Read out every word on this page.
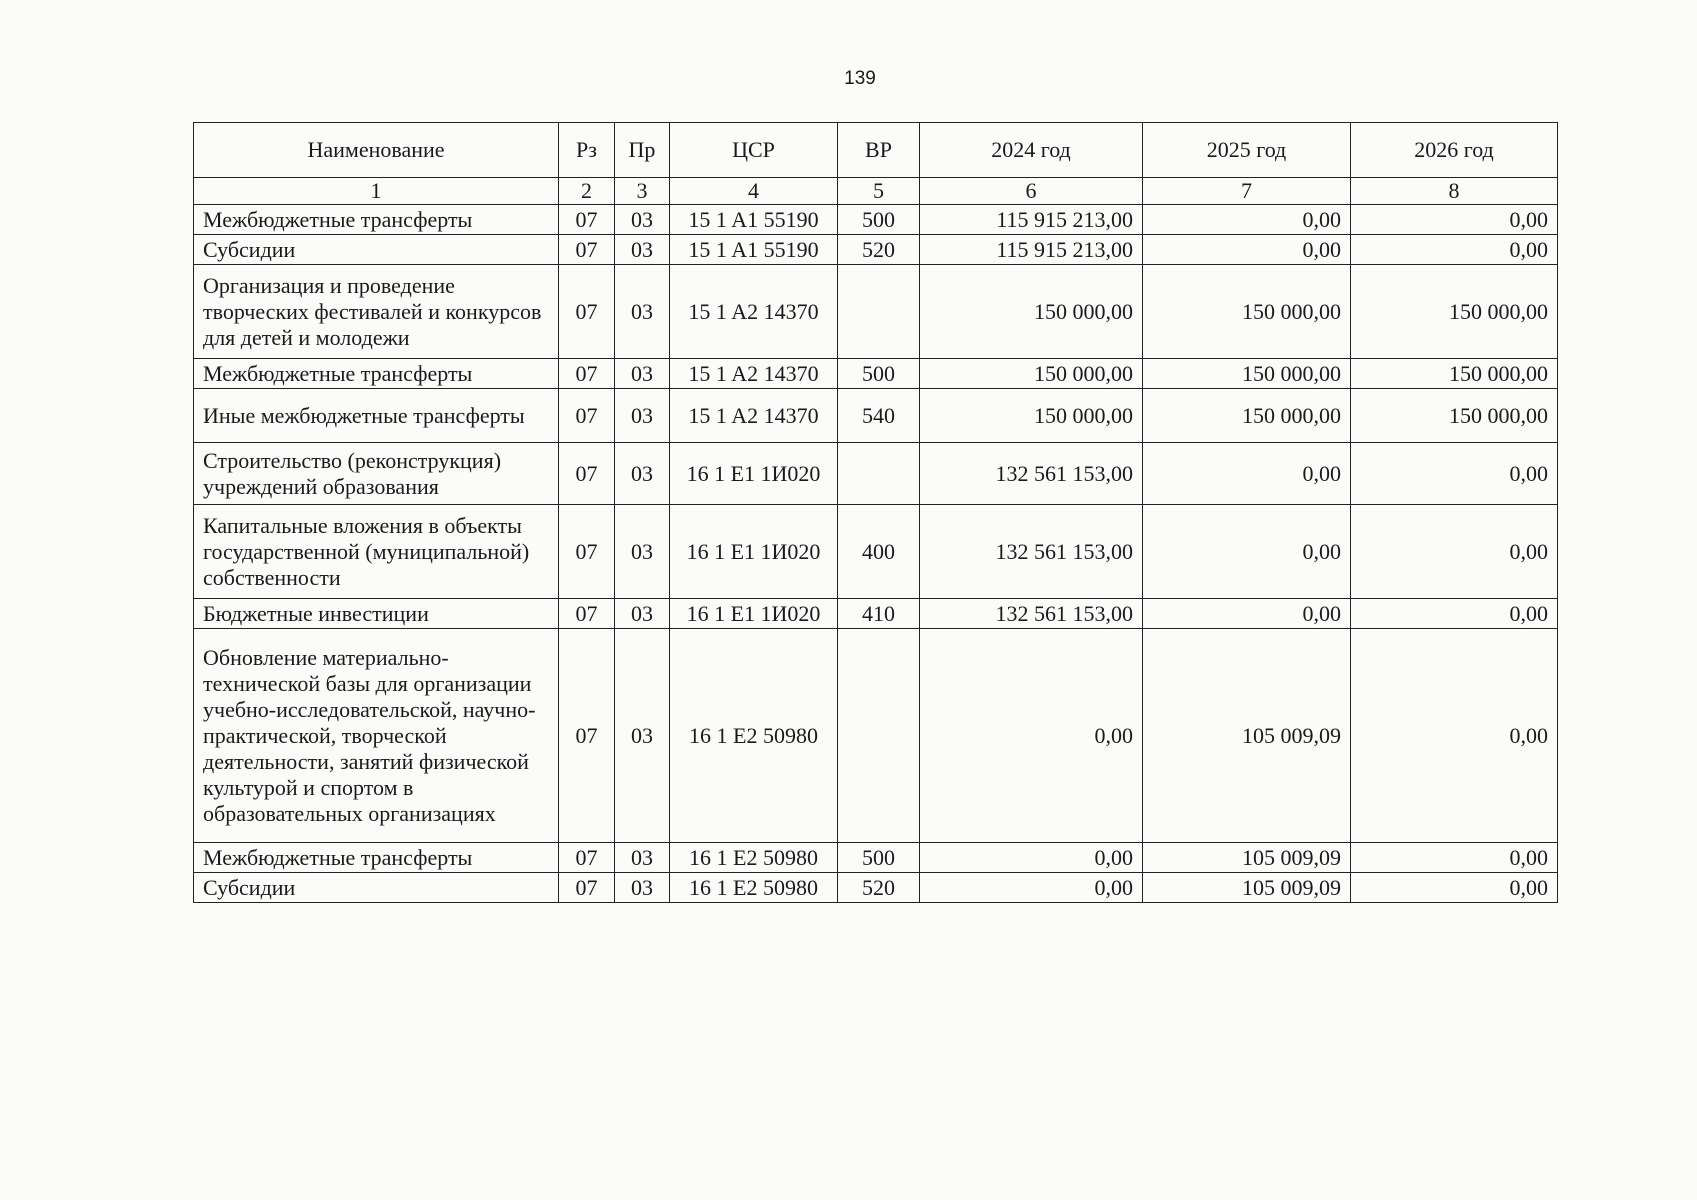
139
Наименование	Рз	Пр	ЦСР	ВР	2024 год	2025 год	2026 год
1	2	3	4	5	6	7	8
Межбюджетные трансферты	07	03	15 1 A1 55190	500	115 915 213,00	0,00	0,00
Субсидии	07	03	15 1 A1 55190	520	115 915 213,00	0,00	0,00
Организация и проведение творческих фестивалей и конкурсов для детей и молодежи	07	03	15 1 A2 14370		150 000,00	150 000,00	150 000,00
Межбюджетные трансферты	07	03	15 1 A2 14370	500	150 000,00	150 000,00	150 000,00
Иные межбюджетные трансферты	07	03	15 1 A2 14370	540	150 000,00	150 000,00	150 000,00
Строительство (реконструкция) учреждений образования	07	03	16 1 E1 1И020		132 561 153,00	0,00	0,00
Капитальные вложения в объекты государственной (муниципальной) собственности	07	03	16 1 E1 1И020	400	132 561 153,00	0,00	0,00
Бюджетные инвестиции	07	03	16 1 E1 1И020	410	132 561 153,00	0,00	0,00
Обновление материально-технической базы для организации учебно-исследовательской, научно-практической, творческой деятельности, занятий физической культурой и спортом в образовательных организациях	07	03	16 1 E2 50980		0,00	105 009,09	0,00
Межбюджетные трансферты	07	03	16 1 E2 50980	500	0,00	105 009,09	0,00
Субсидии	07	03	16 1 E2 50980	520	0,00	105 009,09	0,00
